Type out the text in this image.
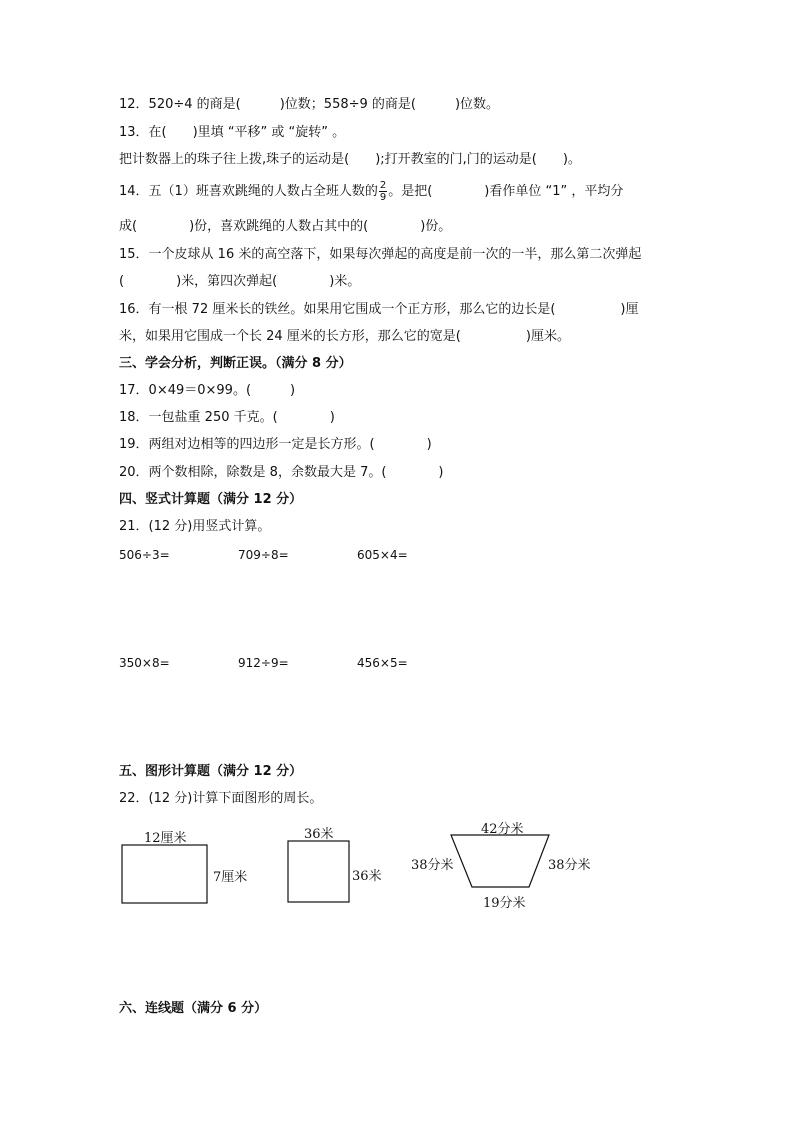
12．520÷4 的商是(　　　)位数；558÷9 的商是(　　　)位数。
13．在(　　)里填 “平移” 或 “旋转” 。
把计数器上的珠子往上拨,珠子的运动是(　　);打开教室的门,门的运动是(　　)。
14．五（1）班喜欢跳绳的人数占全班人数的 $\frac{2}{9}$ 。是把(　　　　)看作单位 “1” ，平均分
成(　　　　)份，喜欢跳绳的人数占其中的(　　　　)份。
15．一个皮球从 16 米的高空落下，如果每次弹起的高度是前一次的一半，那么第二次弹起
(　　　　)米，第四次弹起(　　　　)米。
16．有一根 72 厘米长的铁丝。如果用它围成一个正方形，那么它的边长是(　　　　　)厘
米，如果用它围成一个长 24 厘米的长方形，那么它的宽是(　　　　　)厘米。
三、学会分析，判断正误。（满分 8 分）
17．0×49＝0×99。(　　　)
18．一包盐重 250 千克。(　　　　)
19．两组对边相等的四边形一定是长方形。(　　　　)
20．两个数相除，除数是 8，余数最大是 7。(　　　　)
四、竖式计算题（满分 12 分）
21．(12 分)用竖式计算。
506÷3=	709÷8=	605×4=
350×8=	912÷9=	456×5=
五、图形计算题（满分 12 分）
22．(12 分)计算下面图形的周长。
12厘米
7厘米
36米
36米
42分米
38分米	38分米
19分米
六、连线题（满分 6 分）
